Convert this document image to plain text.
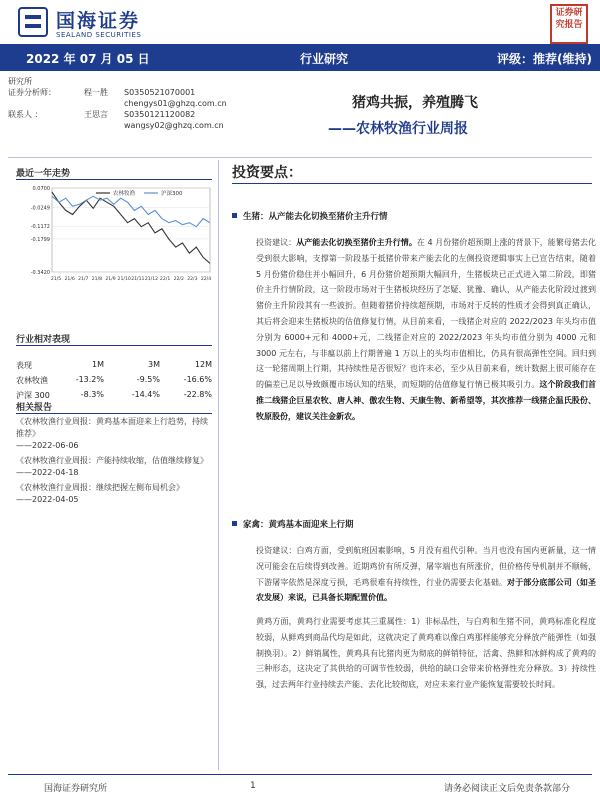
国海证券
SEALAND SECURITIES
证券研究报告
2022 年 07 月 05 日	行业研究	评级：推荐(维持)
研究所
证券分析师：	程一胜 S0350521070001
chengys01@ghzq.com.cn
联系人 ：	王思言 S0350121120082
wangsy02@ghzq.com.cn
猪鸡共振，养殖腾飞
——农林牧渔行业周报
最近一年走势
0.0700
-0.0249
-0.1172
-0.1799
-0.3420
21/5 21/6 21/7 21/8 21/9 21/10 21/11 21/12 22/1 22/2 22/3 22/4
农林牧渔	沪深300
行业相对表现
表现	1M	3M	12M
农林牧渔	-13.2%	-9.5%	-16.6%
沪深 300	-8.3%	-14.4%	-22.8%
相关报告
《农林牧渔行业周报：黄鸡基本面迎来上行趋势，持续推荐》
——2022-06-06
《农林牧渔行业周报：产能持续收缩，估值继续修复》
——2022-04-18
《农林牧渔行业周报：继续把握左侧布局机会》
——2022-04-05
投资要点：
生猪：从产能去化切换至猪价主升行情
投资建议：从产能去化切换至猪价主升行情。在 4 月份猪价超预期上涨的背景下，能繁母猪去化受到很大影响，支撑第一阶段基于抵猪价带来产能去化的左侧投资逻辑事实上已宣告结束，随着 5 月份猪价稳住并小幅回升，6 月份猪价超预期大幅回升，生猪板块已正式进入第二阶段，即猪价主升行情阶段，这一阶段市场对于生猪板块经历了怎疑、犹豫、确认，从产能去化阶段过渡到猪价主升阶段其有一些波折。但随着猪价持续超预期，市场对于反转的性质才会得到真正确认，其后将会迎来生猪板块的估值修复行情，从目前来看，一线猪企对应的 2022/2023 年头均市值分别为 6000+元和 4000+元，二线猪企对应的 2022/2023 年头均市值分别为 4000 元和 3000 元左右，与非瘟以前上行期普遍 1 万以上的头均市值相比，仍具有很高弹性空间。回归到这一轮猪周期上行期，其持续性是否很短？也许未必，至少从目前来看，统计数据上很可能存在的偏差已足以导致颇覆市场认知的结果，而短期的估值修复行情已极其吸引力。这个阶段我们首推二线猪企巨星农牧、唐人神、傲农生物、天康生物、新希望等，其次推荐一线猪企温氏股份、牧原股份，建议关注金新农。
家禽：黄鸡基本面迎来上行期
投资建议：白鸡方面，受到航班因素影响，5 月没有祖代引种。当月也没有国内更新量，这一情况可能会在后续得到改善。近期鸡价有所反弹，屠宰端也有所涨价，但价格传导机制并不顺畅，下游屠宰依然是深度亏损，毛鸡很难有持续性，行业仍需要去化基础。对于部分底部公司（如圣农发展）来说，已具备长期配置价值。
黄鸡方面，黄鸡行业需要考虑其三重属性：1）非标品性，与白鸡和生猪不同，黄鸡标准化程度较弱，从鲜鸡到商品代均是如此，这就决定了黄鸡难以像白鸡那样能够充分释放产能弹性（如强制换羽）。2）鲜销属性，黄鸡具有比猪肉更为彻底的鲜销特征，活禽、热鲜和冰鲜构成了黄鸡的三种形态，这决定了其供给的可调节性较弱，供给的缺口会带来价格弹性充分释放。3）持续性强，过去两年行业持续去产能、去化比较彻底，对应未来行业产能恢复需要较长时间。
国海证券研究所	1	请务必阅读正文后免责条款部分
